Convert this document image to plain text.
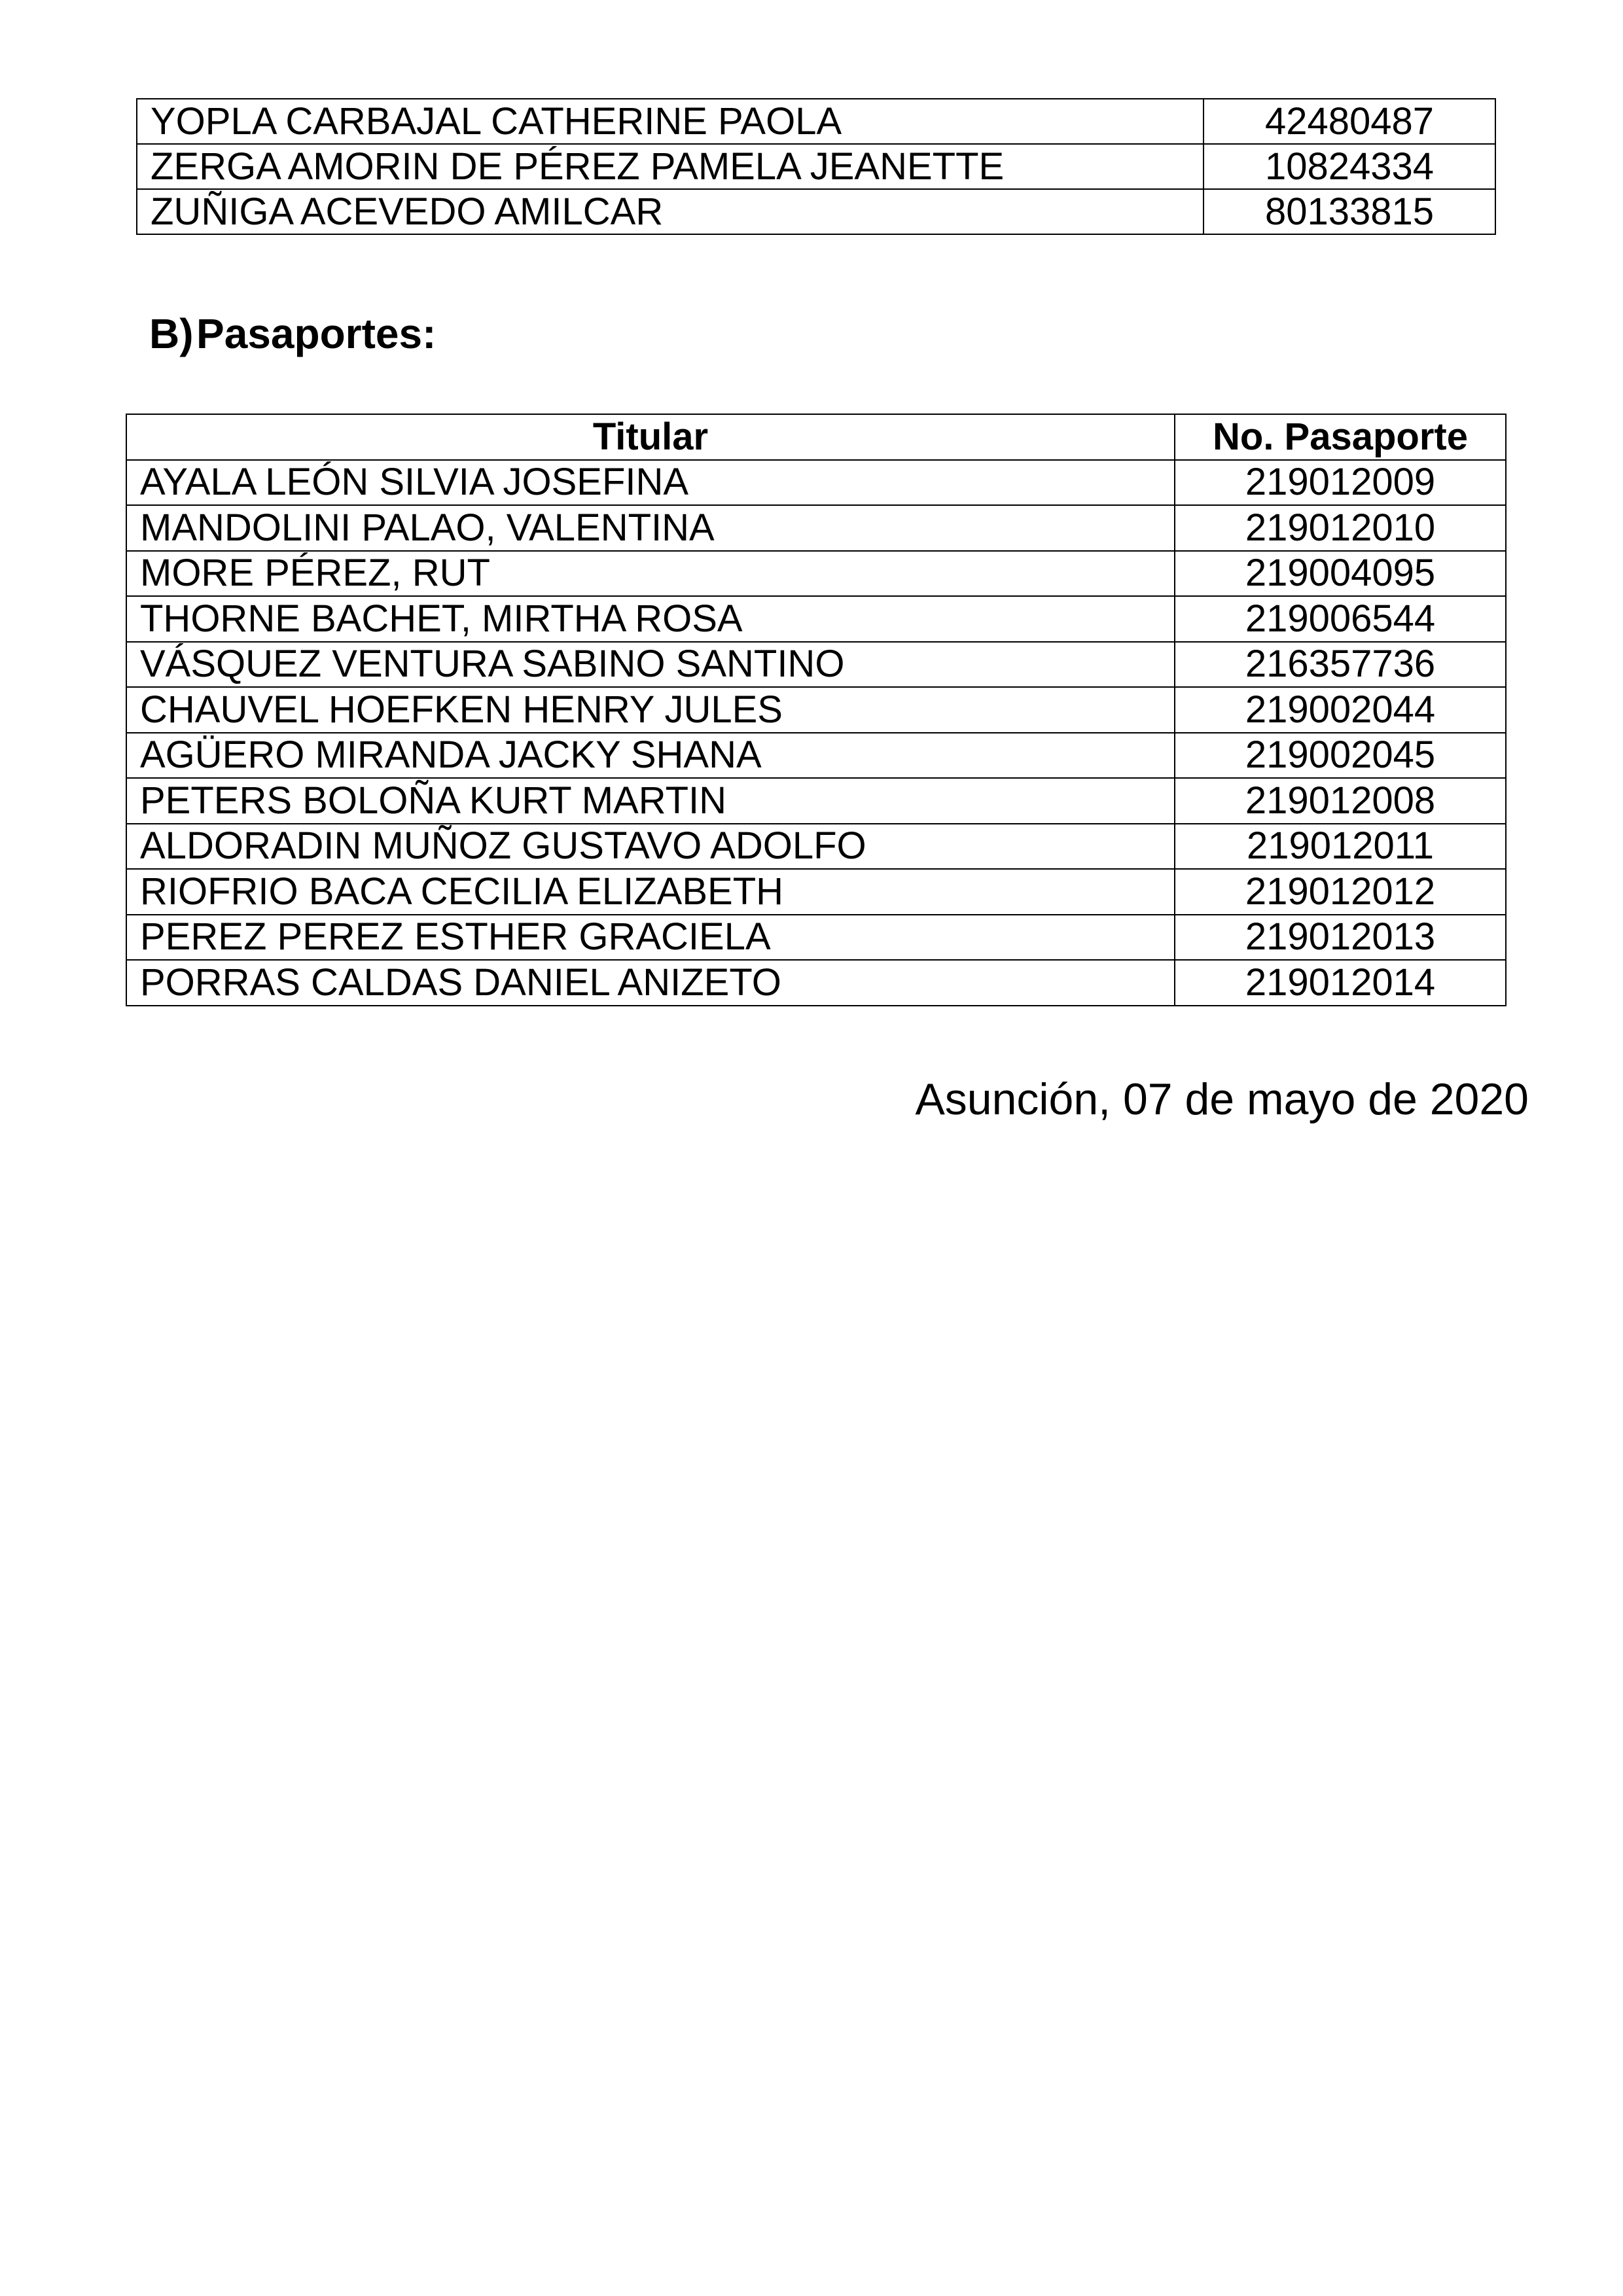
YOPLA CARBAJAL CATHERINE PAOLA	42480487
ZERGA AMORIN DE PÉREZ PAMELA JEANETTE	10824334
ZUÑIGA ACEVEDO AMILCAR	80133815
B)Pasaportes:
Titular	No. Pasaporte
AYALA LEÓN SILVIA JOSEFINA	219012009
MANDOLINI PALAO, VALENTINA	219012010
MORE PÉREZ, RUT	219004095
THORNE BACHET, MIRTHA ROSA	219006544
VÁSQUEZ VENTURA SABINO SANTINO	216357736
CHAUVEL HOEFKEN HENRY JULES	219002044
AGÜERO MIRANDA JACKY SHANA	219002045
PETERS BOLOÑA KURT MARTIN	219012008
ALDORADIN MUÑOZ GUSTAVO ADOLFO	219012011
RIOFRIO BACA CECILIA ELIZABETH	219012012
PEREZ PEREZ ESTHER GRACIELA	219012013
PORRAS CALDAS DANIEL ANIZETO	219012014

Asunción, 07 de mayo de 2020
